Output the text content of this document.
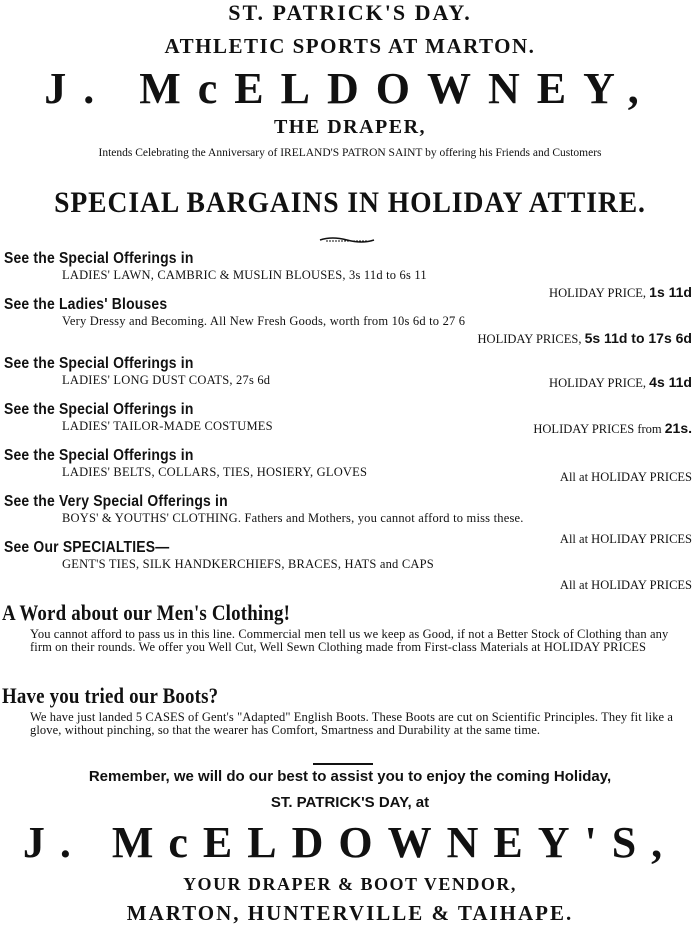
ST. PATRICK'S DAY.
ATHLETIC SPORTS AT MARTON.
J. McELDOWNEY,
THE DRAPER,
Intends Celebrating the Anniversary of IRELAND'S PATRON SAINT by offering his Friends and Customers
SPECIAL BARGAINS IN HOLIDAY ATTIRE.
See the Special Offerings in
LADIES' LAWN, CAMBRIC & MUSLIN BLOUSES, 3s 11d to 6s 11
HOLIDAY PRICE, 1s 11d
See the Ladies' Blouses
Very Dressy and Becoming. All New Fresh Goods, worth from 10s 6d to 27 6
HOLIDAY PRICES, 5s 11d to 17s 6d
See the Special Offerings in
LADIES' LONG DUST COATS, 27s 6d	HOLIDAY PRICE, 4s 11d
See the Special Offerings in
LADIES' TAILOR-MADE COSTUMES	HOLIDAY PRICES from 21s.
See the Special Offerings in
LADIES' BELTS, COLLARS, TIES, HOSIERY, GLOVES	All at HOLIDAY PRICES
See the Very Special Offerings in
BOYS' & YOUTHS' CLOTHING. Fathers and Mothers, you cannot afford to miss these.
All at HOLIDAY PRICES
See Our SPECIALTIES—
GENT'S TIES, SILK HANDKERCHIEFS, BRACES, HATS and CAPS
All at HOLIDAY PRICES
A Word about our Men's Clothing!
You cannot afford to pass us in this line. Commercial men tell us we keep as Good, if not a Better Stock of Clothing than any firm on their rounds. We offer you Well Cut, Well Sewn Clothing made from First-class Materials at HOLIDAY PRICES
Have you tried our Boots?
We have just landed 5 CASES of Gent's "Adapted" English Boots. These Boots are cut on Scientific Principles. They fit like a glove, without pinching, so that the wearer has Comfort, Smartness and Durability at the same time.
Remember, we will do our best to assist you to enjoy the coming Holiday,
ST. PATRICK'S DAY, at
J. McELDOWNEY'S,
YOUR DRAPER & BOOT VENDOR,
MARTON, HUNTERVILLE & TAIHAPE.
